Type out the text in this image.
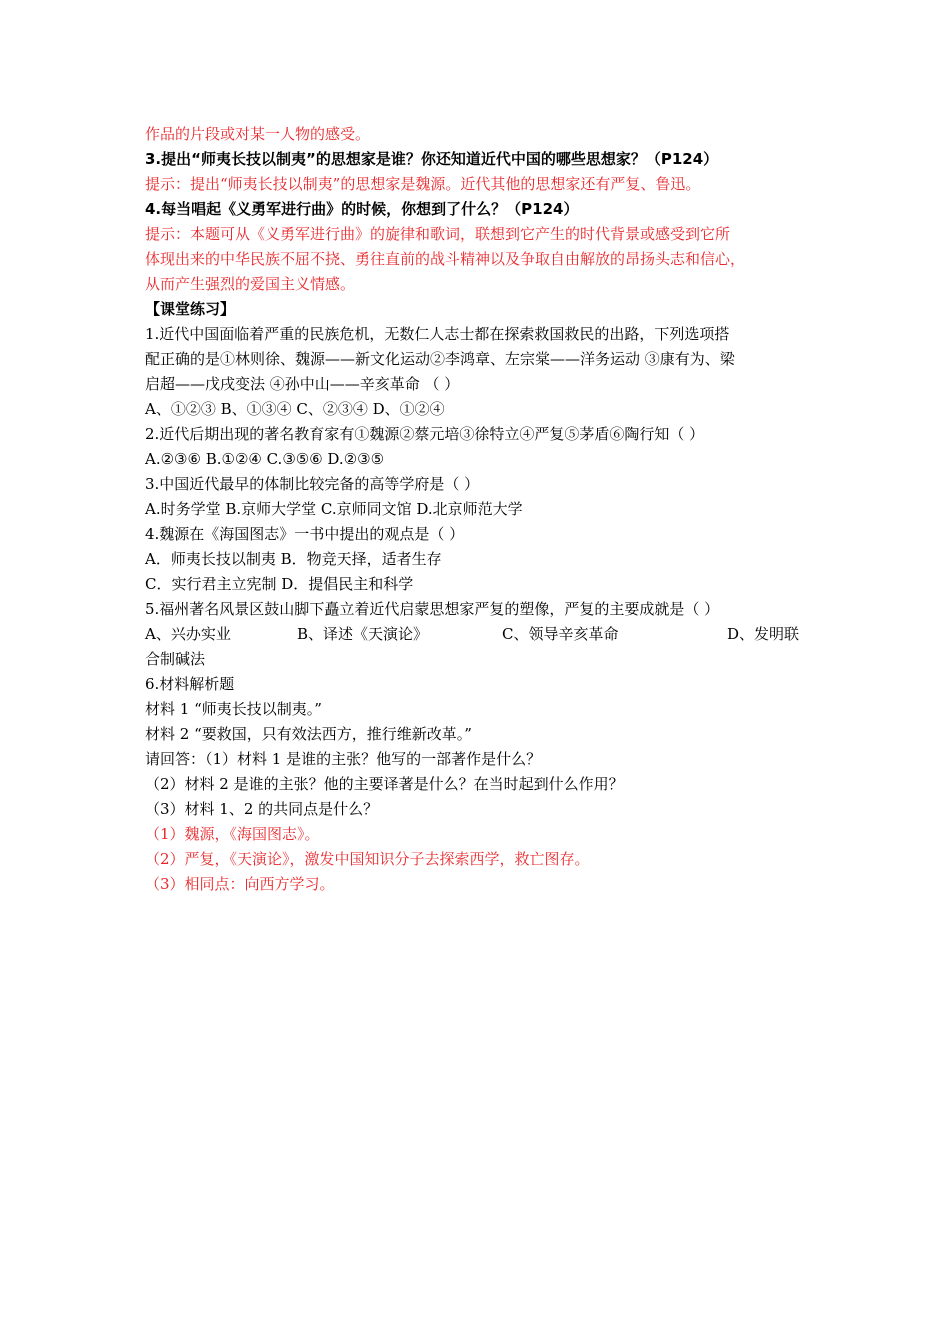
作品的片段或对某一人物的感受。
3.提出“师夷长技以制夷”的思想家是谁？你还知道近代中国的哪些思想家？（P124）
提示：提出“师夷长技以制夷”的思想家是魏源。近代其他的思想家还有严复、鲁迅。
4.每当唱起《义勇军进行曲》的时候，你想到了什么？（P124）
提示：本题可从《义勇军进行曲》的旋律和歌词，联想到它产生的时代背景或感受到它所
体现出来的中华民族不屈不挠、勇往直前的战斗精神以及争取自由解放的昂扬头志和信心，
从而产生强烈的爱国主义情感。
【课堂练习】
1.近代中国面临着严重的民族危机，无数仁人志士都在探索救国救民的出路，下列选项搭
配正确的是①林则徐、魏源——新文化运动②李鸿章、左宗棠——洋务运动 ③康有为、梁
启超——戊戌变法 ④孙中山——辛亥革命 （ ）
A、①②③ B、①③④ C、②③④ D、①②④
2.近代后期出现的著名教育家有①魏源②蔡元培③徐特立④严复⑤茅盾⑥陶行知（ ）
A.②③⑥ B.①②④ C.③⑤⑥ D.②③⑤
3.中国近代最早的体制比较完备的高等学府是（ ）
A.时务学堂 B.京师大学堂 C.京师同文馆 D.北京师范大学
4.魏源在《海国图志》一书中提出的观点是（ ）
A．师夷长技以制夷 B．物竞天择，适者生存
C．实行君主立宪制 D．提倡民主和科学
5.福州著名风景区鼓山脚下矗立着近代启蒙思想家严复的塑像，严复的主要成就是（ ）
A、兴办实业	B、译述《天演论》	C、领导辛亥革命	D、发明联
合制碱法
6.材料解析题
材料 1 “师夷长技以制夷。”
材料 2 “要救国，只有效法西方，推行维新改革。”
请回答：（1）材料 1 是谁的主张？他写的一部著作是什么？
（2）材料 2 是谁的主张？他的主要译著是什么？在当时起到什么作用？
（3）材料 1、2 的共同点是什么？
（1）魏源，《海国图志》。
（2）严复，《天演论》，激发中国知识分子去探索西学，救亡图存。
（3）相同点：向西方学习。
